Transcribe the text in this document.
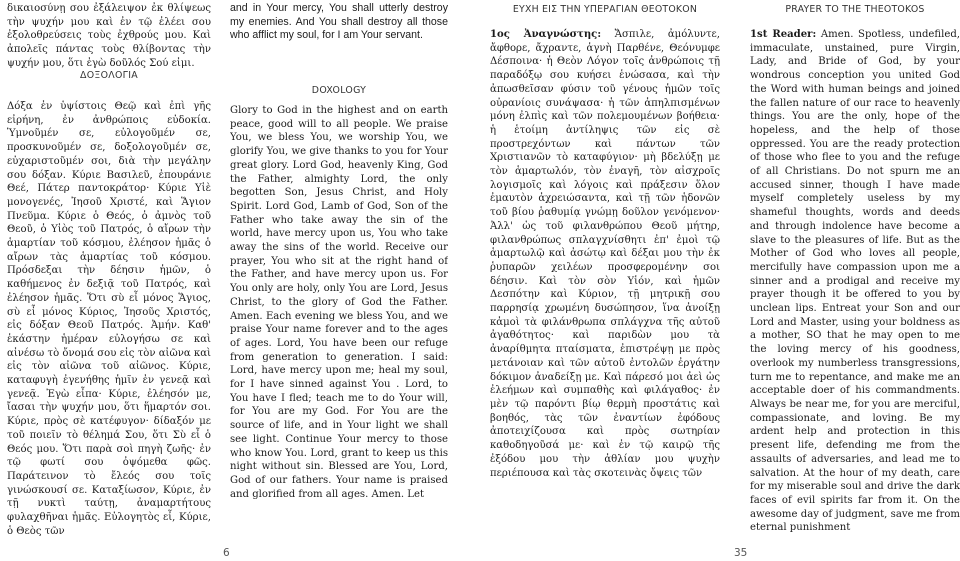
δικαιοσύνῃ σου ἐξάλειψον ἐκ θλίψεως τὴν ψυχήν μου καὶ ἐν τῷ ἐλέει σου ἐξολοθρεύσεις τοὺς ἐχθρούς μου. Καὶ ἀπολεῖς πάντας τοὺς θλίβοντας τὴν ψυχήν μου, ὅτι ἐγὼ δοῦλός Σού εἰμι.

ΔΟΞΟΛΟΓΙΑ

Δόξα ἐν ὑψίστοις Θεῷ καὶ ἐπὶ γῆς εἰρήνη, ἐν ἀνθρώποις εὐδοκία. Ὑμνοῦμέν σε, εὐλογοῦμέν σε, προσκυνοῦμέν σε, δοξολογοῦμέν σε, εὐχαριστοῦμέν σοι, διὰ τὴν μεγάλην σου δόξαν. Κύριε Βασιλεῦ, ἐπουράνιε Θεέ, Πάτερ παντοκράτορ· Κύριε Υἱὲ μονογενές, Ἰησοῦ Χριστέ, καὶ Ἅγιον Πνεῦμα. Κύριε ὁ Θεός, ὁ ἀμνὸς τοῦ Θεοῦ, ὁ Υἱὸς τοῦ Πατρός, ὁ αἴρων τὴν ἁμαρτίαν τοῦ κόσμου, ἐλέησον ἡμᾶς ὁ αἴρων τὰς ἁμαρτίας τοῦ κόσμου. Πρόσδεξαι τὴν δέησιν ἡμῶν, ὁ καθήμενος ἐν δεξιᾷ τοῦ Πατρός, καὶ ἐλέησον ἡμᾶς. Ὅτι σὺ εἶ μόνος Ἅγιος, σὺ εἶ μόνος Κύριος, Ἰησοῦς Χριστός, εἰς δόξαν Θεοῦ Πατρός. Ἀμήν. Καθ' ἑκάστην ἡμέραν εὐλογήσω σε καὶ αἰνέσω τὸ ὄνομά σου εἰς τὸν αἰῶνα καὶ εἰς τὸν αἰῶνα τοῦ αἰῶνος. Κύριε, καταφυγὴ ἐγενήθης ἡμῖν ἐν γενεᾷ καὶ γενεᾷ. Ἐγὼ εἶπα· Κύριε, ἐλέησόν με, ἴασαι τὴν ψυχήν μου, ὅτι ἥμαρτόν σοι. Κύριε, πρὸς σὲ κατέφυγον· δίδαξόν με τοῦ ποιεῖν τὸ θέλημά Σου, ὅτι Σὺ εἶ ὁ Θεός μου. Ὅτι παρὰ σοὶ πηγὴ ζωῆς· ἐν τῷ φωτί σου ὀψόμεθα φῶς. Παράτεινον τὸ ἔλεός σου τοῖς γινώσκουσί σε. Καταξίωσον, Κύριε, ἐν τῇ νυκτὶ ταύτῃ, ἀναμαρτήτους φυλαχθῆναι ἡμᾶς. Εὐλογητὸς εἶ, Κύριε, ὁ Θεὸς τῶν

and in Your mercy, You shall utterly destroy my enemies. And You shall destroy all those who afflict my soul, for I am Your servant.

DOXOLOGY

Glory to God in the highest and on earth peace, good will to all people. We praise You, we bless You, we worship You, we glorify You, we give thanks to you for Your great glory. Lord God, heavenly King, God the Father, almighty Lord, the only begotten Son, Jesus Christ, and Holy Spirit. Lord God, Lamb of God, Son of the Father who take away the sin of the world, have mercy upon us, You who take away the sins of the world. Receive our prayer, You who sit at the right hand of the Father, and have mercy upon us. For You only are holy, only You are Lord, Jesus Christ, to the glory of God the Father. Amen. Each evening we bless You, and we praise Your name forever and to the ages of ages. Lord, You have been our refuge from generation to generation. I said: Lord, have mercy upon me; heal my soul, for I have sinned against You . Lord, to You have I fled; teach me to do Your will, for You are my God. For You are the source of life, and in Your light we shall see light. Continue Your mercy to those who know You. Lord, grant to keep us this night without sin. Blessed are You, Lord, God of our fathers. Your name is praised and glorified from all ages. Amen. Let

6
ΕΥΧΗ ΕΙΣ ΤΗΝ ΥΠΕΡΑΓΙΑΝ ΘΕΟΤΟΚΟΝ

1ος Ἀναγνώστης: Ἄσπιλε, ἀμόλυντε, ἄφθορε, ἄχραντε, ἁγνὴ Παρθένε, Θεόνυμφε Δέσποινα· ἡ Θεὸν Λόγον τοῖς ἀνθρώποις τῇ παραδόξῳ σου κυήσει ἑνώσασα, καὶ τὴν ἀπωσθεῖσαν φύσιν τοῦ γένους ἡμῶν τοῖς οὐρανίοις συνάψασα· ἡ τῶν ἀπηλπισμένων μόνη ἐλπὶς καὶ τῶν πολεμουμένων βοήθεια· ἡ ἑτοίμη ἀντίληψις τῶν εἰς σὲ προστρεχόντων καὶ πάντων τῶν Χριστιανῶν τὸ καταφύγιον· μὴ βδελύξῃ με τὸν ἁμαρτωλόν, τὸν ἐναγῆ, τὸν αἰσχροῖς λογισμοῖς καὶ λόγοις καὶ πράξεσιν ὅλον ἐμαυτὸν ἀχρειώσαντα, καὶ τῇ τῶν ἡδονῶν τοῦ βίου ῥαθυμίᾳ γνώμῃ δοῦλον γενόμενον· Ἀλλ' ὡς τοῦ φιλανθρώπου Θεοῦ μήτηρ, φιλανθρώπως σπλαγχνίσθητι ἐπ' ἐμοὶ τῷ ἁμαρτωλῷ καὶ ἀσώτῳ καὶ δέξαι μου τὴν ἐκ ῥυπαρῶν χειλέων προσφερομένην σοι δέησιν. Καὶ τὸν σὸν Υἱόν, καὶ ἡμῶν Δεσπότην καὶ Κύριον, τῇ μητρικῇ σου παρρησίᾳ χρωμένη δυσώπησον, ἵνα ἀνοίξῃ κἀμοὶ τὰ φιλάνθρωπα σπλάγχνα τῆς αὐτοῦ ἀγαθότητος· καὶ παριδὼν μου τὰ ἀναρίθμητα πταίσματα, ἐπιστρέψῃ με πρὸς μετάνοιαν καὶ τῶν αὐτοῦ ἐντολῶν ἐργάτην δόκιμον ἀναδείξῃ με. Καὶ πάρεσό μοι ἀεὶ ὡς ἐλεήμων καὶ συμπαθὴς καὶ φιλάγαθος· ἐν μὲν τῷ παρόντι βίῳ θερμὴ προστάτις καὶ βοηθός, τὰς τῶν ἐναντίων ἐφόδους ἀποτειχίζουσα καὶ πρὸς σωτηρίαν καθοδηγοῦσά με· καὶ ἐν τῷ καιρῷ τῆς ἐξόδου μου τὴν ἀθλίαν μου ψυχὴν περιέπουσα καὶ τὰς σκοτεινὰς ὄψεις τῶν

PRAYER TO THE THEOTOKOS

1st Reader: Amen. Spotless, undefiled, immaculate, unstained, pure Virgin, Lady, and Bride of God, by your wondrous conception you united God the Word with human beings and joined the fallen nature of our race to heavenly things. You are the only, hope of the hopeless, and the help of those oppressed. You are the ready protection of those who flee to you and the refuge of all Christians. Do not spurn me an accused sinner, though I have made myself completely useless by my shameful thoughts, words and deeds and through indolence have become a slave to the pleasures of life. But as the Mother of God who loves all people, mercifully have compassion upon me a sinner and a prodigal and receive my prayer though it be offered to you by unclean lips. Entreat your Son and our Lord and Master, using your boldness as a mother, SO that he may open to me the loving mercy of his goodness, overlook my numberless transgressions, turn me to repentance, and make me an acceptable doer of his commandments. Always be near me, for you are merciful, compassionate, and loving. Be my ardent help and protection in this present life, defending me from the assaults of adversaries, and lead me to salvation. At the hour of my death, care for my miserable soul and drive the dark faces of evil spirits far from it. On the awesome day of judgment, save me from eternal punishment

35
